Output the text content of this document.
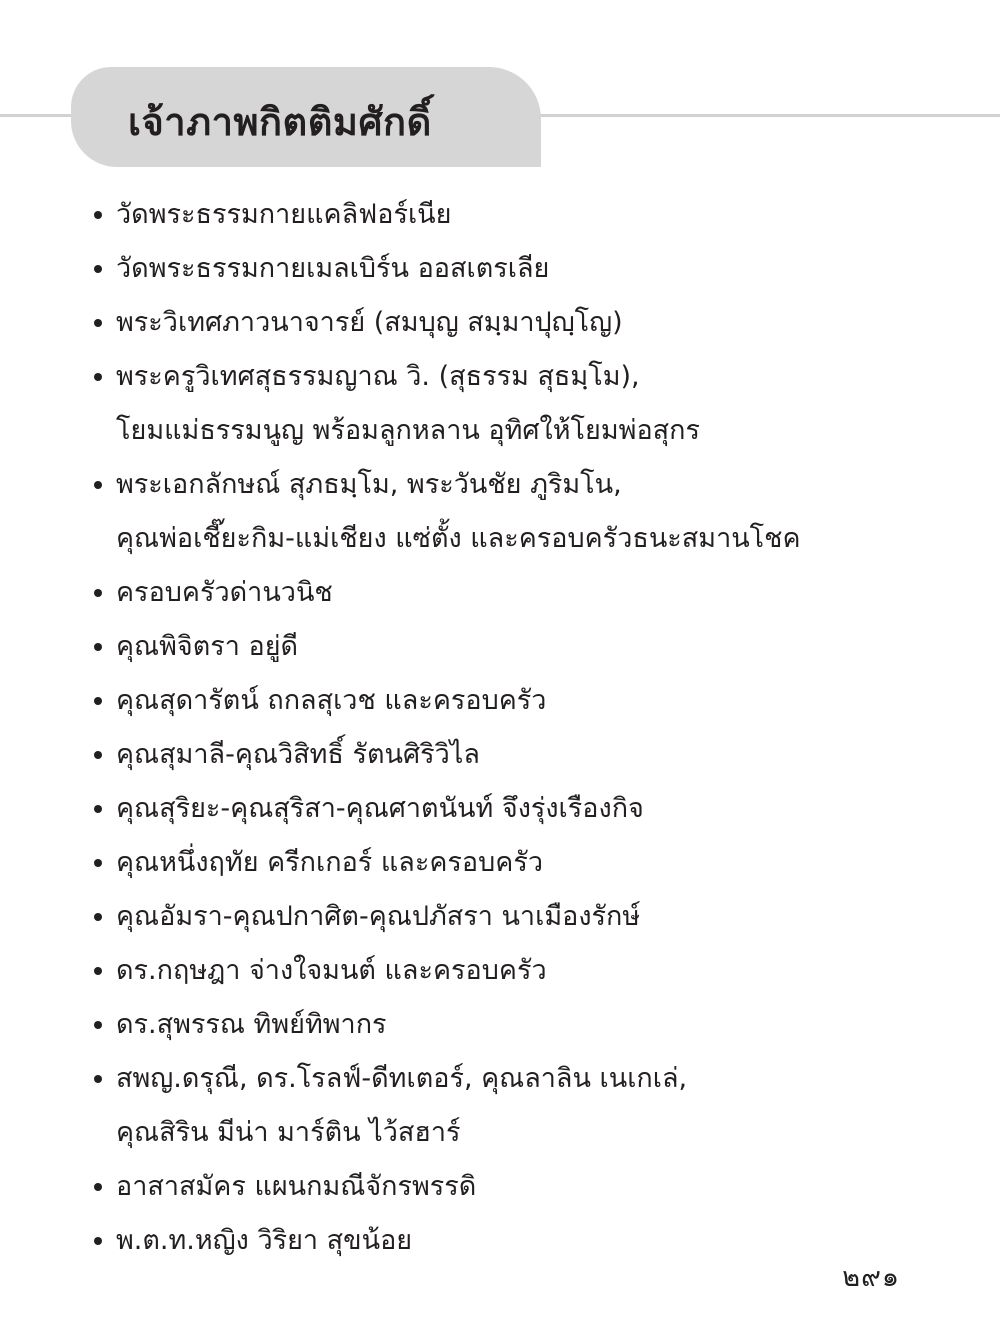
เจ้าภาพกิตติมศักดิ์
วัดพระธรรมกายแคลิฟอร์เนีย
วัดพระธรรมกายเมลเบิร์น ออสเตรเลีย
พระวิเทศภาวนาจารย์ (สมบุญ สมฺมาปุญฺโญ)
พระครูวิเทศสุธรรมญาณ วิ. (สุธรรม สุธมฺโม),
โยมแม่ธรรมนูญ พร้อมลูกหลาน อุทิศให้โยมพ่อสุกร
พระเอกลักษณ์ สุภธมฺโม, พระวันชัย ภูริมโน,
คุณพ่อเชี๊ยะกิม-แม่เชียง แซ่ตั้ง และครอบครัวธนะสมานโชค
ครอบครัวด่านวนิช
คุณพิจิตรา อยู่ดี
คุณสุดารัตน์ ถกลสุเวช และครอบครัว
คุณสุมาลี-คุณวิสิทธิ์ รัตนศิริวิไล
คุณสุริยะ-คุณสุริสา-คุณศาตนันท์ จึงรุ่งเรืองกิจ
คุณหนึ่งฤทัย ครีกเกอร์ และครอบครัว
คุณอัมรา-คุณปกาศิต-คุณปภัสรา นาเมืองรักษ์
ดร.กฤษฎา จ่างใจมนต์ และครอบครัว
ดร.สุพรรณ ทิพย์ทิพากร
สพญ.ดรุณี, ดร.โรลฟ์-ดีทเตอร์, คุณลาลิน เนเกเล่,
คุณสิริน มีน่า มาร์ติน ไว้สฮาร์
อาสาสมัคร แผนกมณีจักรพรรดิ
พ.ต.ท.หญิง วิริยา สุขน้อย
๒๙๑
